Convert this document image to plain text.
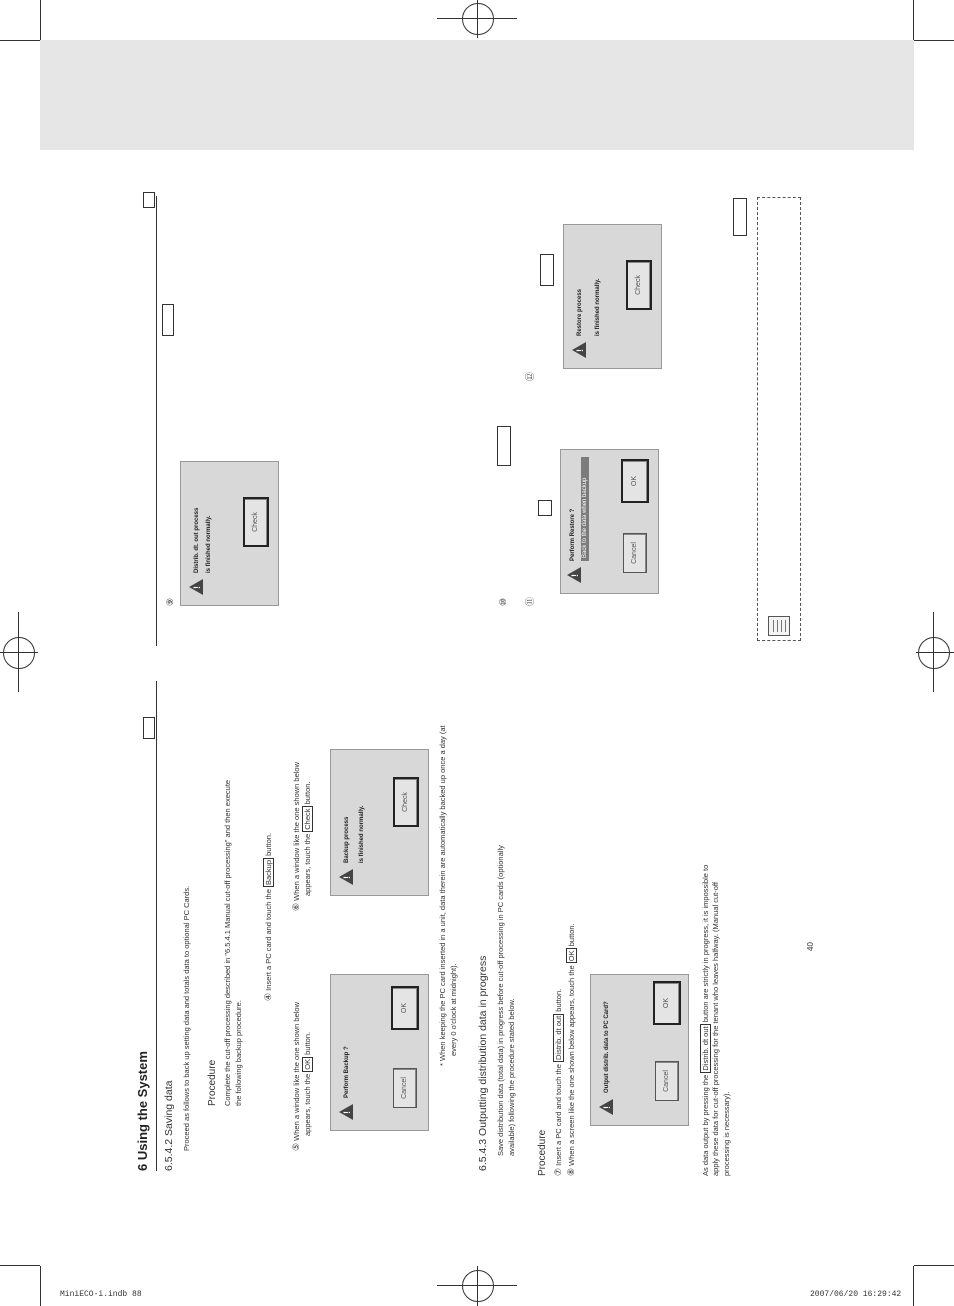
MiniECO-i.indb 88	2007/06/20 16:29:42
6 Using the System 6.5.4.2 Saving data Proceed as follows to back up setting data and totals data to optional PC Cards. Procedure Complete the cut-off processing described in "6.5.4.1 Manual cut-off processing" and then execute the following backup procedure.
④ Insert a PC card and touch the Backup button.
⑤ When a window like the one shown below appears, touch the OK button.
⑥ When a window like the one shown below appears, touch the Check button.
!
Perform Backup ?	Cancel
OK
!
Backup process	is finished normally.
Check
* When keeping the PC card inserted in a unit, data therein are automatically backed up once a day (at every 0 o'clock at midnight). 6.5.4.3 Outputting distribution data in progress Save distribution data (total data) in progress before cut-off processing in PC cards (optionally available) following the procedure stated below. Procedure ⑦ Insert a PC card and touch the Distrib. dt out button.
⑧ When a screen like the one shown below appears, touch the OK button.
!
Output distrib. data to PC Card?	Cancel
OK
As data output by pressing the Distrib. dt out button are strictly in progress, it is impossible to apply these data for cut-off processing for the tenant who leaves halfway. (Manual cut-off processing is necessary).
40
⑨
!
Distrib. dt. out process	is finished normally.	Check
⑩ ⑪
!
Perform Restore ?	Back to the data when backup	Cancel
OK
⑫
!
Restore process	is finished normally.	Check
